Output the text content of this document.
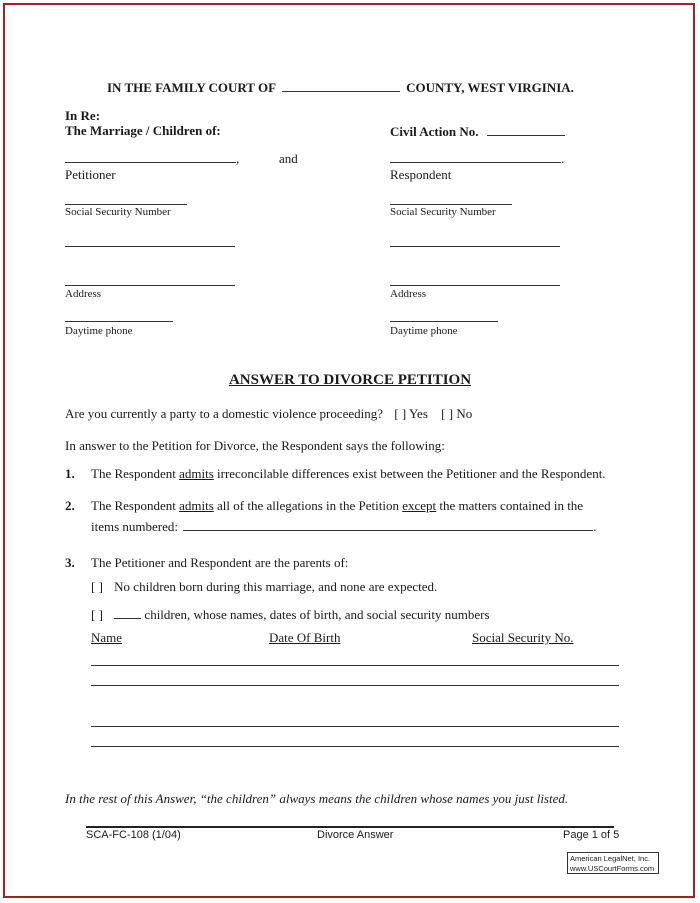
IN THE FAMILY COURT OF	COUNTY, WEST VIRGINIA.
In Re:
The Marriage / Children of:	Civil Action No.
,	and	.
Petitioner	Respondent
Social Security Number	Social Security Number
Address	Address
Daytime phone	Daytime phone
ANSWER TO DIVORCE PETITION
Are you currently a party to a domestic violence proceeding? [ ] Yes [ ] No
In answer to the Petition for Divorce, the Respondent says the following:
1. The Respondent admits irreconcilable differences exist between the Petitioner and the Respondent.
2. The Respondent admits all of the allegations in the Petition except the matters contained in the
items numbered:	.
3. The Petitioner and Respondent are the parents of:
[ ] No children born during this marriage, and none are expected.
[ ]	children, whose names, dates of birth, and social security numbers
Name	Date Of Birth	Social Security No.
In the rest of this Answer, “the children” always means the children whose names you just listed.
SCA-FC-108 (1/04)	Divorce Answer	Page 1 of 5
American LegalNet, Inc.
www.USCourtForms.com
